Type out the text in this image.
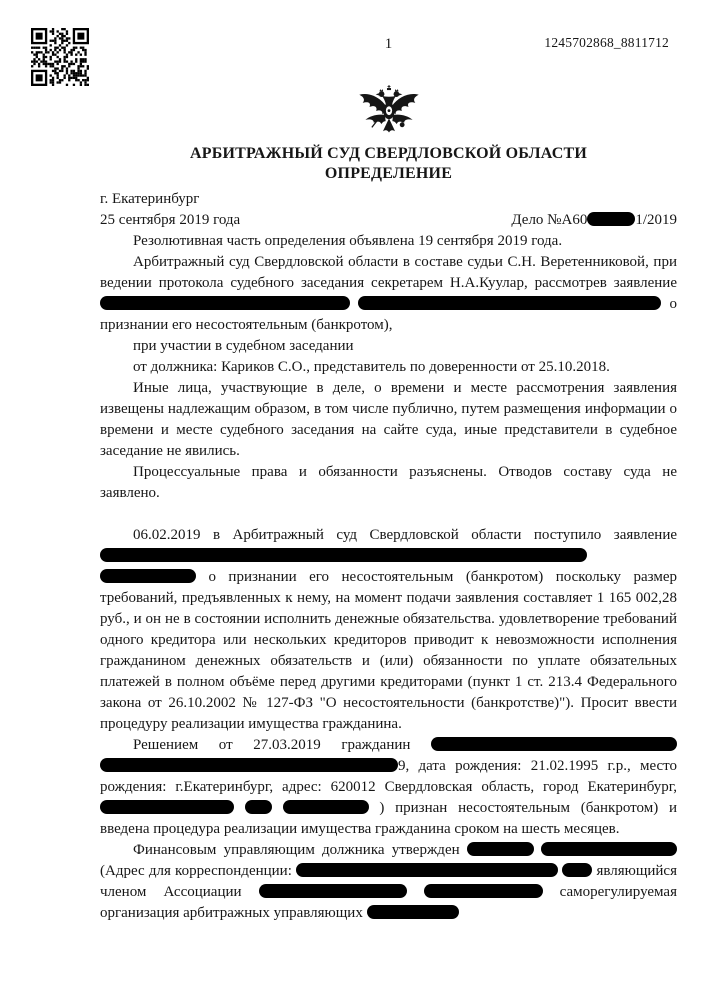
1	1245702868_8811712
АРБИТРАЖНЫЙ СУД СВЕРДЛОВСКОЙ ОБЛАСТИ
ОПРЕДЕЛЕНИЕ
г. Екатеринбург
25 сентября 2019 года	Дело №А60	1/2019

Резолютивная часть определения объявлена 19 сентября 2019 года.

Арбитражный суд Свердловской области в составе судьи С.Н. Веретенниковой, при ведении протокола судебного заседания секретарем Н.А.Куулар, рассмотрев заявление   о признании его несостоятельным (банкротом),

при участии в судебном заседании

от должника: Кариков С.О., представитель по доверенности от 25.10.2018.

Иные лица, участвующие в деле, о времени и месте рассмотрения заявления извещены надлежащим образом, в том числе публично, путем размещения информации о времени и месте судебного заседания на сайте суда, иные представители в судебное заседание не явились.

Процессуальные права и обязанности разъяснены. Отводов составу суда не заявлено.

06.02.2019 в Арбитражный суд Свердловской области поступило заявление   о признании его несостоятельным (банкротом) поскольку размер требований, предъявленных к нему, на момент подачи заявления составляет 1 165 002,28 руб., и он не в состоянии исполнить денежные обязательства. удовлетворение требований одного кредитора или нескольких кредиторов приводит к невозможности исполнения гражданином денежных обязательств и (или) обязанности по уплате обязательных платежей в полном объёме перед другими кредиторами (пункт 1 ст. 213.4 Федерального закона от 26.10.2002 № 127-ФЗ "О несостоятельности (банкротстве)"). Просит ввести процедуру реализации имущества гражданина.

Решением от 27.03.2019 гражданин  9, дата рождения: 21.02.1995 г.р., место рождения: г.Екатеринбург, адрес: 620012 Свердловская область, город Екатеринбург,    ) признан несостоятельным (банкротом) и введена процедура реализации имущества гражданина сроком на шесть месяцев.

Финансовым управляющим должника утвержден   (Адрес для корреспонденции:	являющийся членом Ассоциации	саморегулируемая организация арбитражных управляющих
